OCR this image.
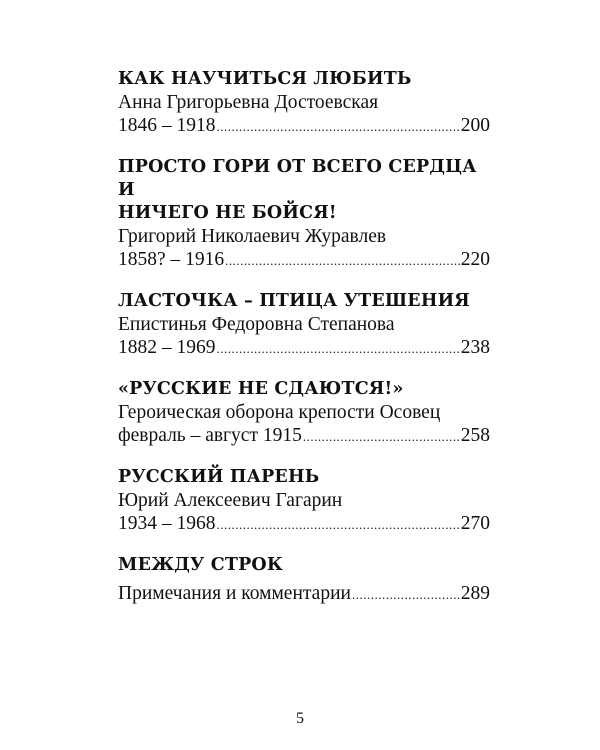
КАК НАУЧИТЬСЯ ЛЮБИТЬ

Анна Григорьевна Достоевская

1846 – 1918 .....	200

ПРОСТО ГОРИ ОТ ВСЕГО СЕРДЦА И

НИЧЕГО НЕ БОЙСЯ!

Григорий Николаевич Журавлев

1858? – 1916 .....	220

ЛАСТОЧКА – ПТИЦА УТЕШЕНИЯ

Епистинья Федоровна Степанова

1882 – 1969 .....	238

«РУССКИЕ НЕ СДАЮТСЯ!»

Героическая оборона крепости Осовец

февраль – август 1915 .....	258

РУССКИЙ ПАРЕНЬ

Юрий Алексеевич Гагарин

1934 – 1968 .....	270

МЕЖДУ СТРОК

Примечания и комментарии .....	289
5
